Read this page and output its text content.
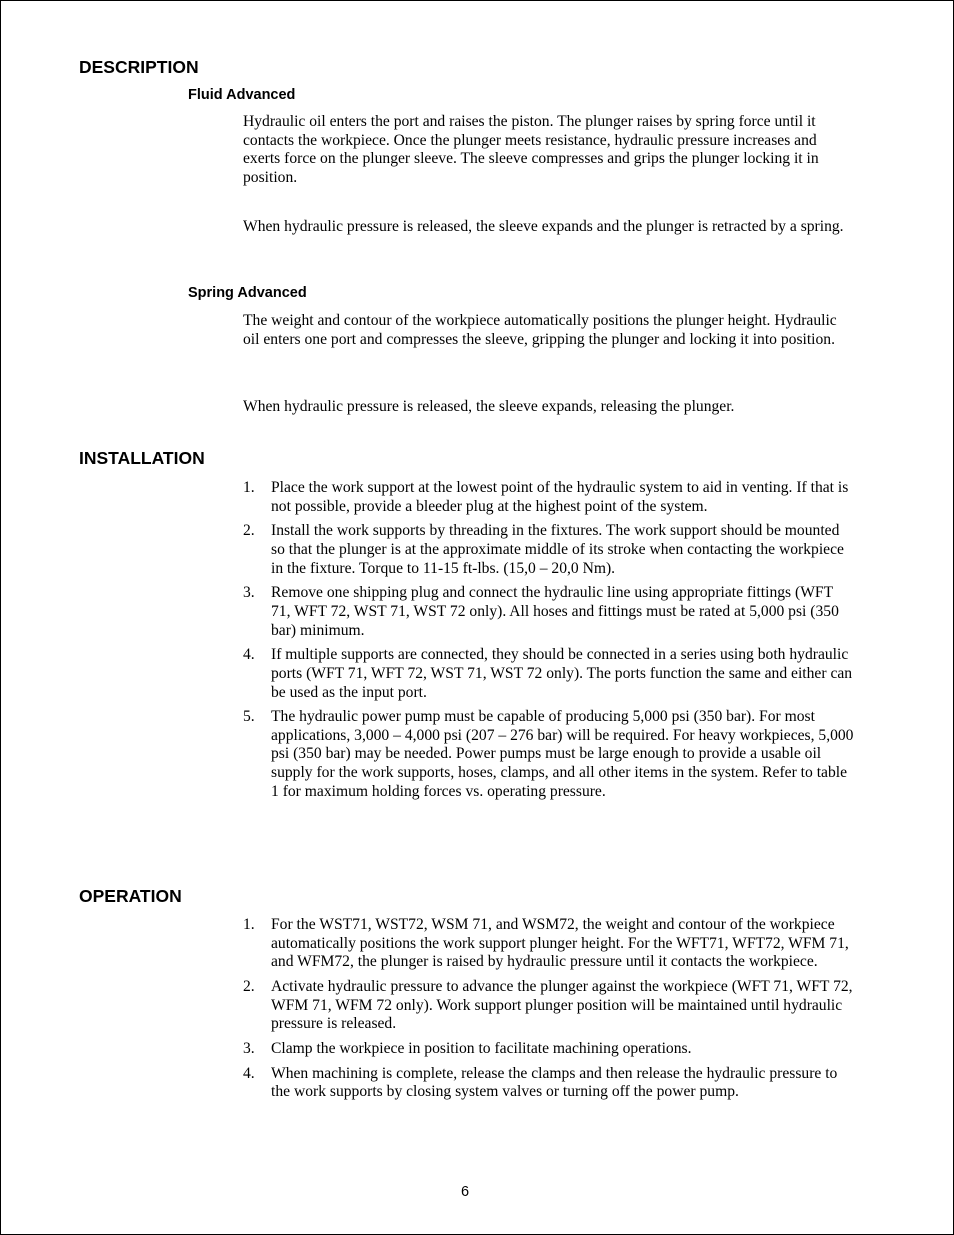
DESCRIPTION
Fluid Advanced

Hydraulic oil enters the port and raises the piston. The plunger raises by spring force until it contacts the workpiece. Once the plunger meets resistance, hydraulic pressure increases and exerts force on the plunger sleeve. The sleeve compresses and grips the plunger locking it in position.

When hydraulic pressure is released, the sleeve expands and the plunger is retracted by a spring.

Spring Advanced

The weight and contour of the workpiece automatically positions the plunger height. Hydraulic oil enters one port and compresses the sleeve, gripping the plunger and locking it into position.

When hydraulic pressure is released, the sleeve expands, releasing the plunger.

INSTALLATION
1. Place the work support at the lowest point of the hydraulic system to aid in venting. If that is not possible, provide a bleeder plug at the highest point of the system.
2. Install the work supports by threading in the fixtures. The work support should be mounted so that the plunger is at the approximate middle of its stroke when contacting the workpiece in the fixture. Torque to 11-15 ft-lbs. (15,0 – 20,0 Nm).
3. Remove one shipping plug and connect the hydraulic line using appropriate fittings (WFT 71, WFT 72, WST 71, WST 72 only). All hoses and fittings must be rated at 5,000 psi (350 bar) minimum.
4. If multiple supports are connected, they should be connected in a series using both hydraulic ports (WFT 71, WFT 72, WST 71, WST 72 only). The ports function the same and either can be used as the input port.
5. The hydraulic power pump must be capable of producing 5,000 psi (350 bar). For most applications, 3,000 – 4,000 psi (207 – 276 bar) will be required. For heavy workpieces, 5,000 psi (350 bar) may be needed. Power pumps must be large enough to provide a usable oil supply for the work supports, hoses, clamps, and all other items in the system. Refer to table 1 for maximum holding forces vs. operating pressure.
OPERATION
1. For the WST71, WST72, WSM 71, and WSM72, the weight and contour of the workpiece automatically positions the work support plunger height. For the WFT71, WFT72, WFM 71, and WFM72, the plunger is raised by hydraulic pressure until it contacts the workpiece.
2. Activate hydraulic pressure to advance the plunger against the workpiece (WFT 71, WFT 72, WFM 71, WFM 72 only). Work support plunger position will be maintained until hydraulic pressure is released.
3. Clamp the workpiece in position to facilitate machining operations.
4. When machining is complete, release the clamps and then release the hydraulic pressure to the work supports by closing system valves or turning off the power pump.
6
